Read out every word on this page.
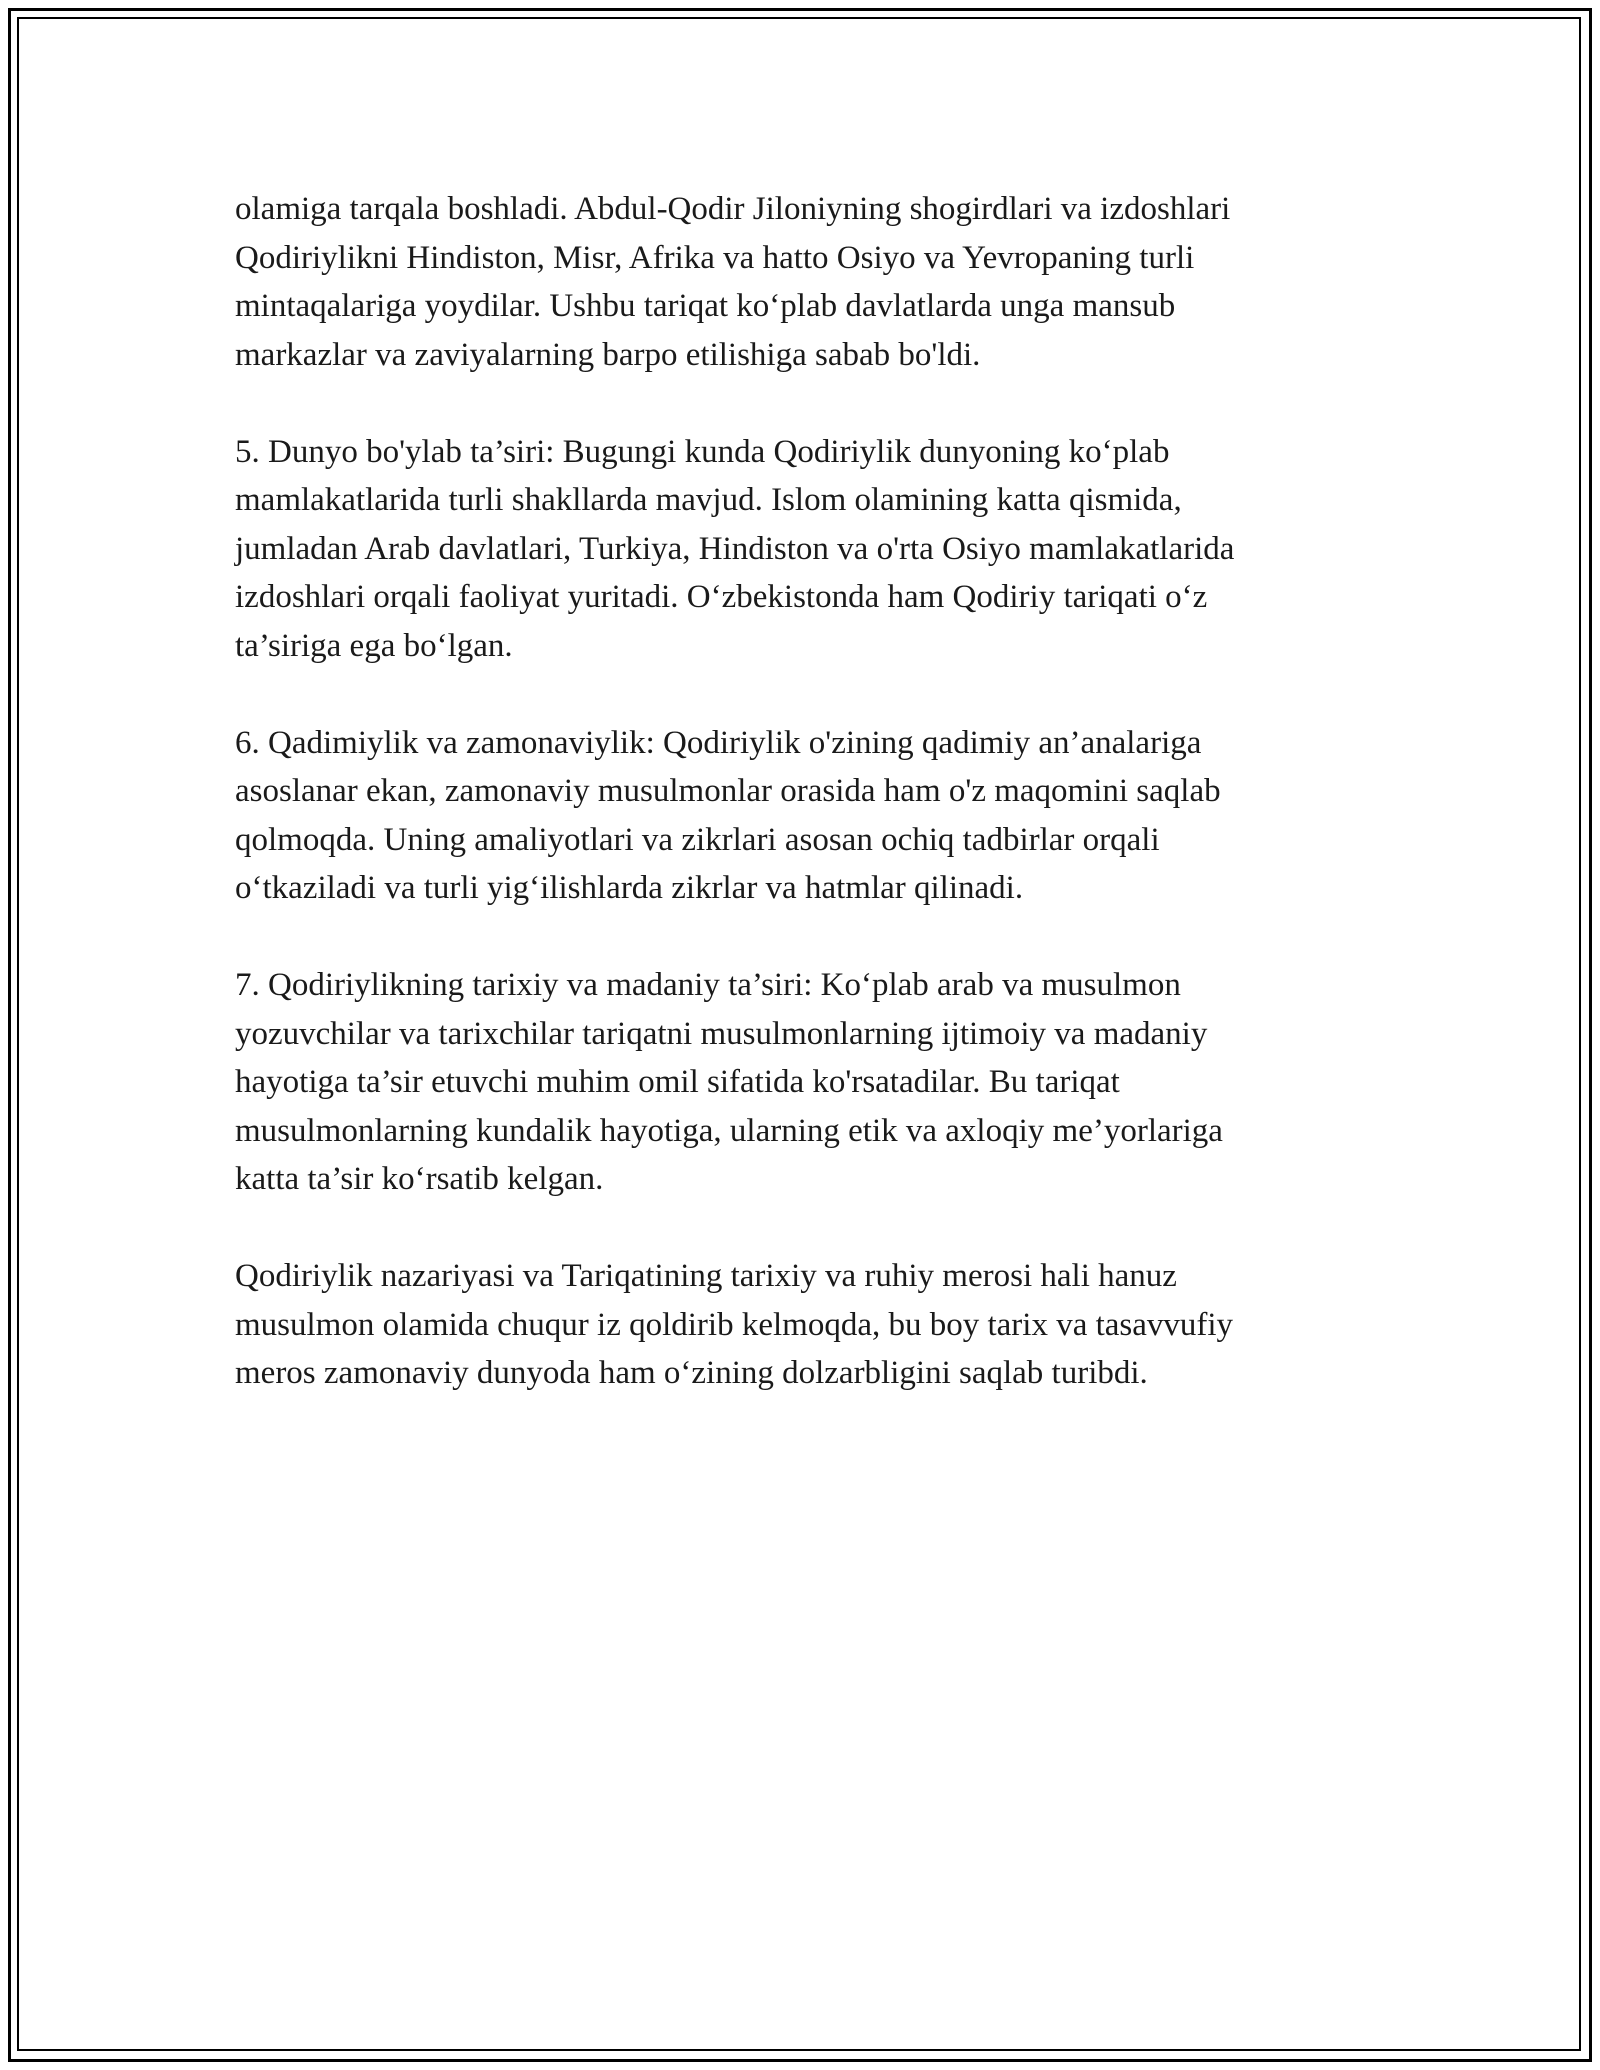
olamiga tarqala boshladi. Abdul-Qodir Jiloniyning shogirdlari va izdoshlari
Qodiriylikni Hindiston, Misr, Afrika va hatto Osiyo va Yevropaning turli
mintaqalariga yoydilar. Ushbu tariqat ko‘plab davlatlarda unga mansub
markazlar va zaviyalarning barpo etilishiga sabab bo'ldi.

5. Dunyo bo'ylab ta’siri: Bugungi kunda Qodiriylik dunyoning ko‘plab
mamlakatlarida turli shakllarda mavjud. Islom olamining katta qismida,
jumladan Arab davlatlari, Turkiya, Hindiston va o'rta Osiyo mamlakatlarida
izdoshlari orqali faoliyat yuritadi. O‘zbekistonda ham Qodiriy tariqati o‘z
ta’siriga ega bo‘lgan.

6. Qadimiylik va zamonaviylik: Qodiriylik o'zining qadimiy an’analariga
asoslanar ekan, zamonaviy musulmonlar orasida ham o'z maqomini saqlab
qolmoqda. Uning amaliyotlari va zikrlari asosan ochiq tadbirlar orqali
o‘tkaziladi va turli yig‘ilishlarda zikrlar va hatmlar qilinadi.

7. Qodiriylikning tarixiy va madaniy ta’siri: Ko‘plab arab va musulmon
yozuvchilar va tarixchilar tariqatni musulmonlarning ijtimoiy va madaniy
hayotiga ta’sir etuvchi muhim omil sifatida ko'rsatadilar. Bu tariqat
musulmonlarning kundalik hayotiga, ularning etik va axloqiy me’yorlariga
katta ta’sir ko‘rsatib kelgan.

Qodiriylik nazariyasi va Tariqatining tarixiy va ruhiy merosi hali hanuz
musulmon olamida chuqur iz qoldirib kelmoqda, bu boy tarix va tasavvufiy
meros zamonaviy dunyoda ham o‘zining dolzarbligini saqlab turibdi.
